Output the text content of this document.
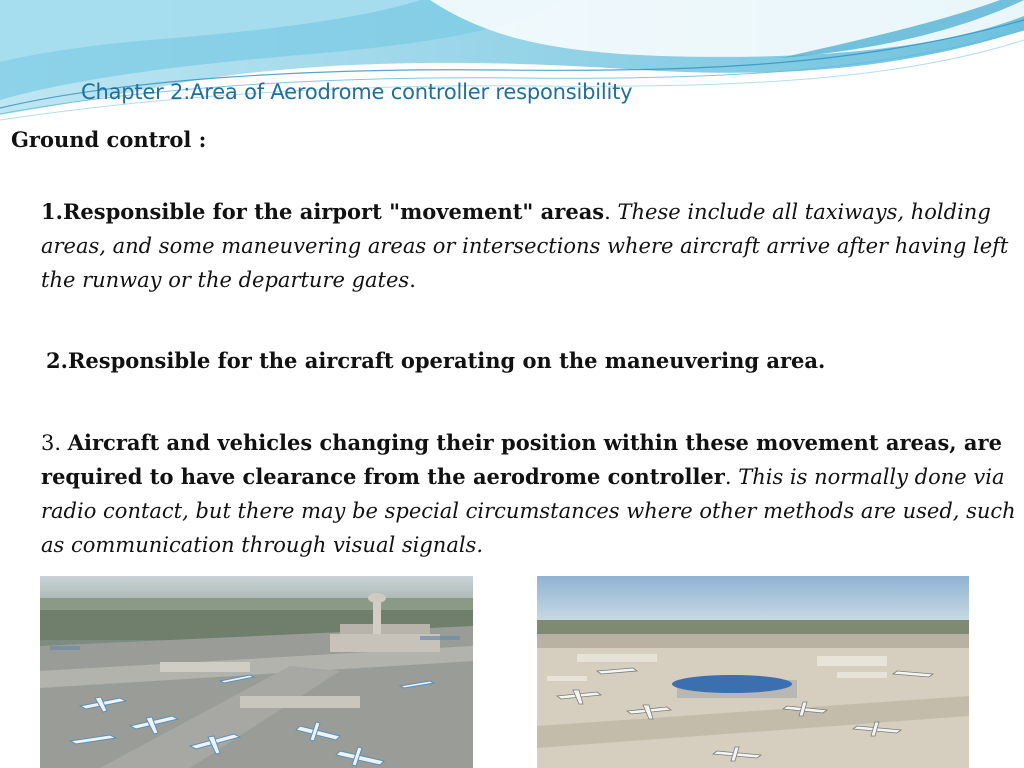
Chapter 2:Area of Aerodrome controller responsibility
Ground control :
1.Responsible for the airport "movement" areas. These include all taxiways, holding areas, and some maneuvering areas or intersections where aircraft arrive after having left the runway or the departure gates.
2.Responsible for the aircraft operating on the maneuvering area.
3. Aircraft and vehicles changing their position within these movement areas, are required to have clearance from the aerodrome controller. This is normally done via radio contact, but there may be special circumstances where other methods are used, such as communication through visual signals.
